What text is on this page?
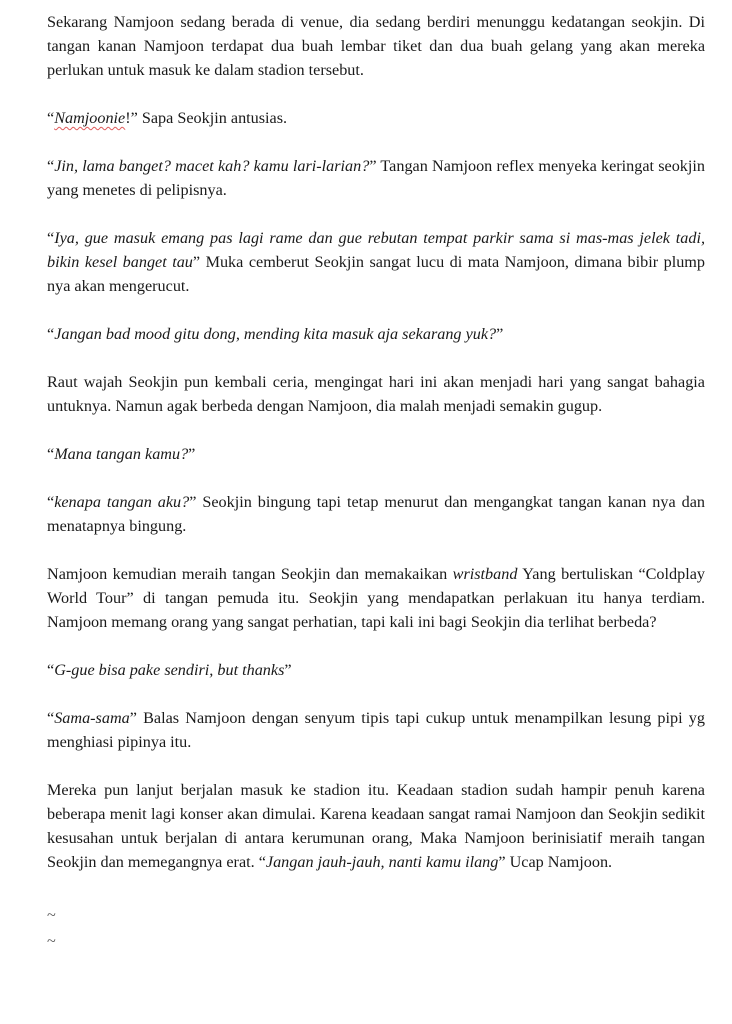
Sekarang Namjoon sedang berada di venue, dia sedang berdiri menunggu kedatangan seokjin. Di tangan kanan Namjoon terdapat dua buah lembar tiket dan dua buah gelang yang akan mereka perlukan untuk masuk ke dalam stadion tersebut.

“Namjoonie!” Sapa Seokjin antusias.

“Jin, lama banget? macet kah? kamu lari-larian?” Tangan Namjoon reflex menyeka keringat seokjin yang menetes di pelipisnya.

“Iya, gue masuk emang pas lagi rame dan gue rebutan tempat parkir sama si mas-mas jelek tadi, bikin kesel banget tau” Muka cemberut Seokjin sangat lucu di mata Namjoon, dimana bibir plump nya akan mengerucut.

“Jangan bad mood gitu dong, mending kita masuk aja sekarang yuk?”

Raut wajah Seokjin pun kembali ceria, mengingat hari ini akan menjadi hari yang sangat bahagia untuknya. Namun agak berbeda dengan Namjoon, dia malah menjadi semakin gugup.

“Mana tangan kamu?”

“kenapa tangan aku?” Seokjin bingung tapi tetap menurut dan mengangkat tangan kanan nya dan menatapnya bingung.

Namjoon kemudian meraih tangan Seokjin dan memakaikan wristband Yang bertuliskan “Coldplay World Tour” di tangan pemuda itu. Seokjin yang mendapatkan perlakuan itu hanya terdiam. Namjoon memang orang yang sangat perhatian, tapi kali ini bagi Seokjin dia terlihat berbeda?

“G-gue bisa pake sendiri, but thanks”

“Sama-sama” Balas Namjoon dengan senyum tipis tapi cukup untuk menampilkan lesung pipi yg menghiasi pipinya itu.

Mereka pun lanjut berjalan masuk ke stadion itu. Keadaan stadion sudah hampir penuh karena beberapa menit lagi konser akan dimulai. Karena keadaan sangat ramai Namjoon dan Seokjin sedikit kesusahan untuk berjalan di antara kerumunan orang, Maka Namjoon berinisiatif meraih tangan Seokjin dan memegangnya erat. “Jangan jauh-jauh, nanti kamu ilang” Ucap Namjoon.

~

~
